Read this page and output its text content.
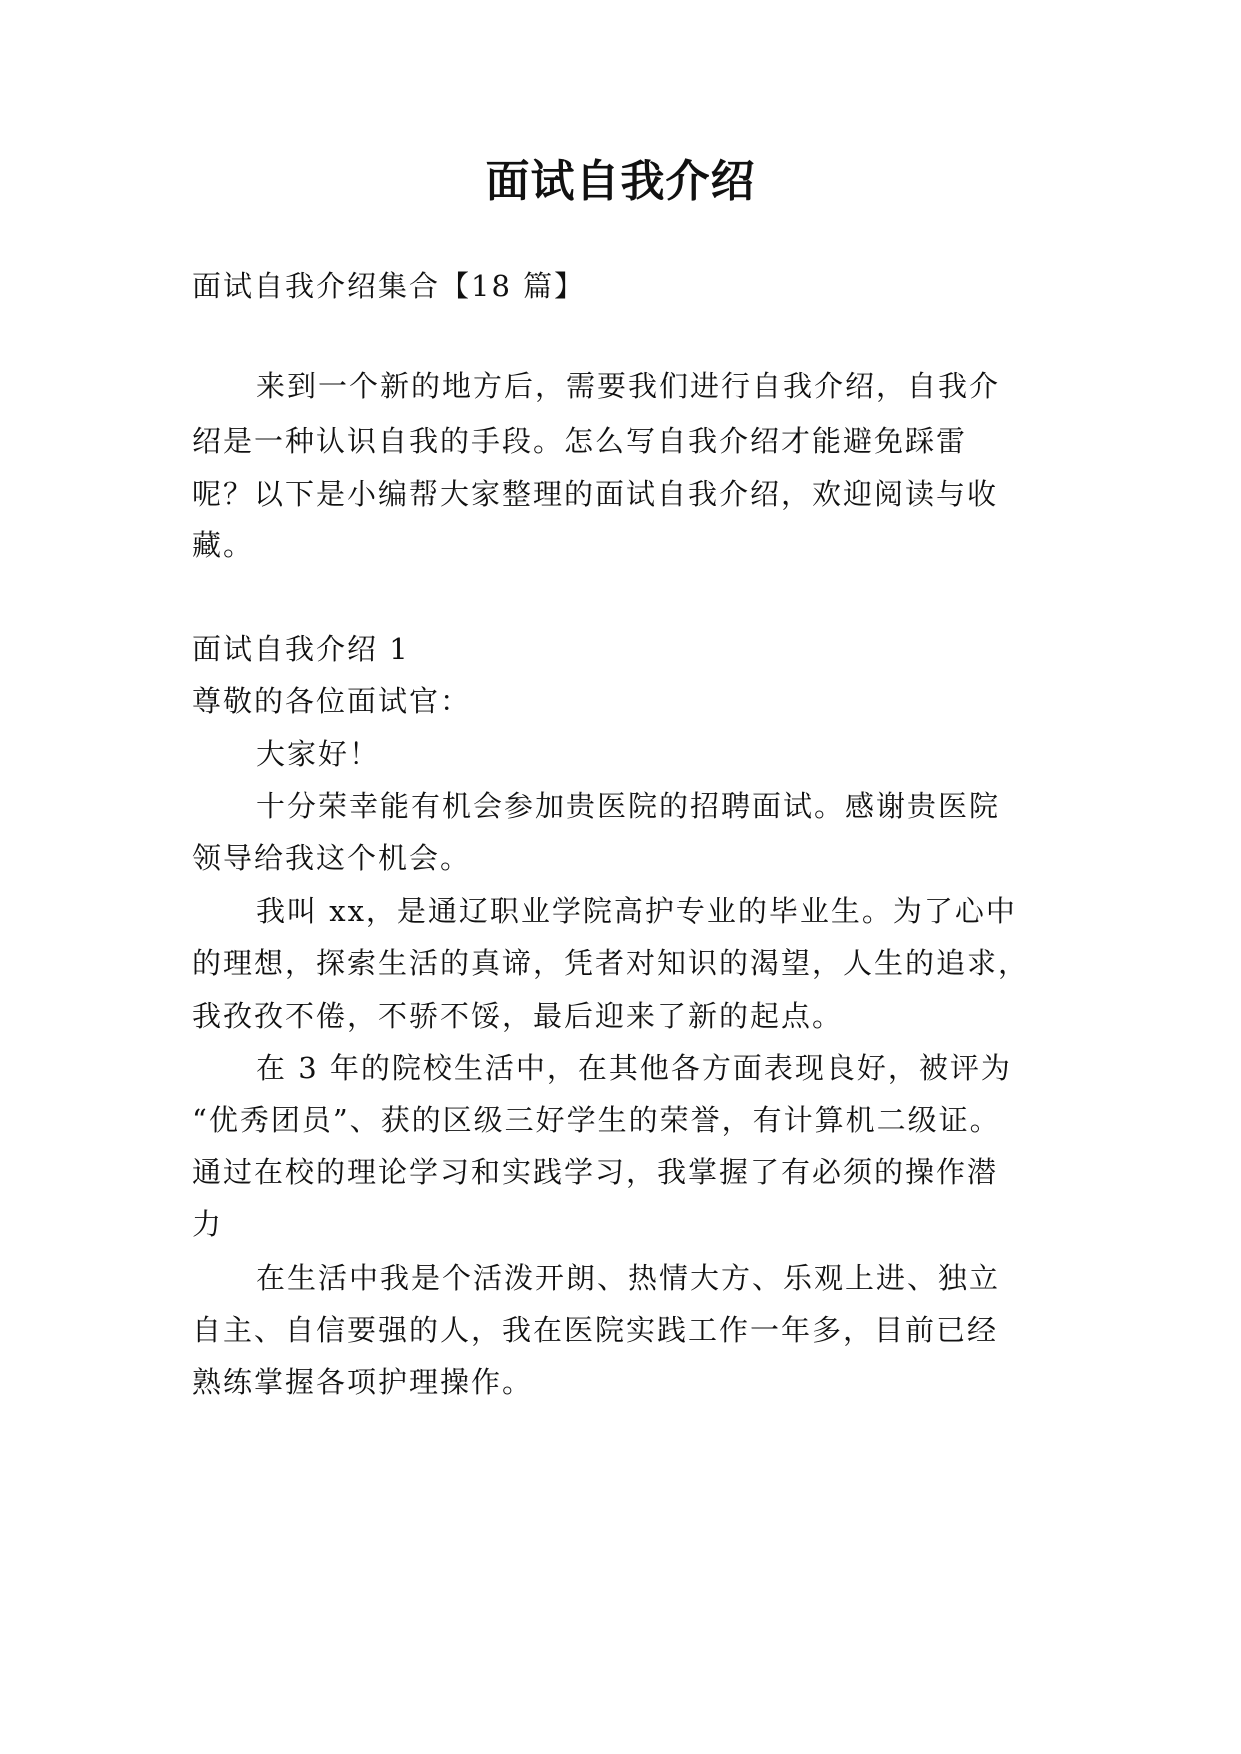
面试自我介绍

面试自我介绍集合【18 篇】

来到一个新的地方后，需要我们进行自我介绍，自我介

绍是一种认识自我的手段。怎么写自我介绍才能避免踩雷

呢？以下是小编帮大家整理的面试自我介绍，欢迎阅读与收

藏。

面试自我介绍 1

尊敬的各位面试官：

大家好！

十分荣幸能有机会参加贵医院的招聘面试。感谢贵医院

领导给我这个机会。

我叫 xx，是通辽职业学院高护专业的毕业生。为了心中

的理想，探索生活的真谛，凭者对知识的渴望，人生的追求，

我孜孜不倦，不骄不馁，最后迎来了新的起点。

在 3 年的院校生活中，在其他各方面表现良好，被评为

“优秀团员”、获的区级三好学生的荣誉，有计算机二级证。

通过在校的理论学习和实践学习，我掌握了有必须的操作潜

力

在生活中我是个活泼开朗、热情大方、乐观上进、独立

自主、自信要强的人，我在医院实践工作一年多，目前已经

熟练掌握各项护理操作。
